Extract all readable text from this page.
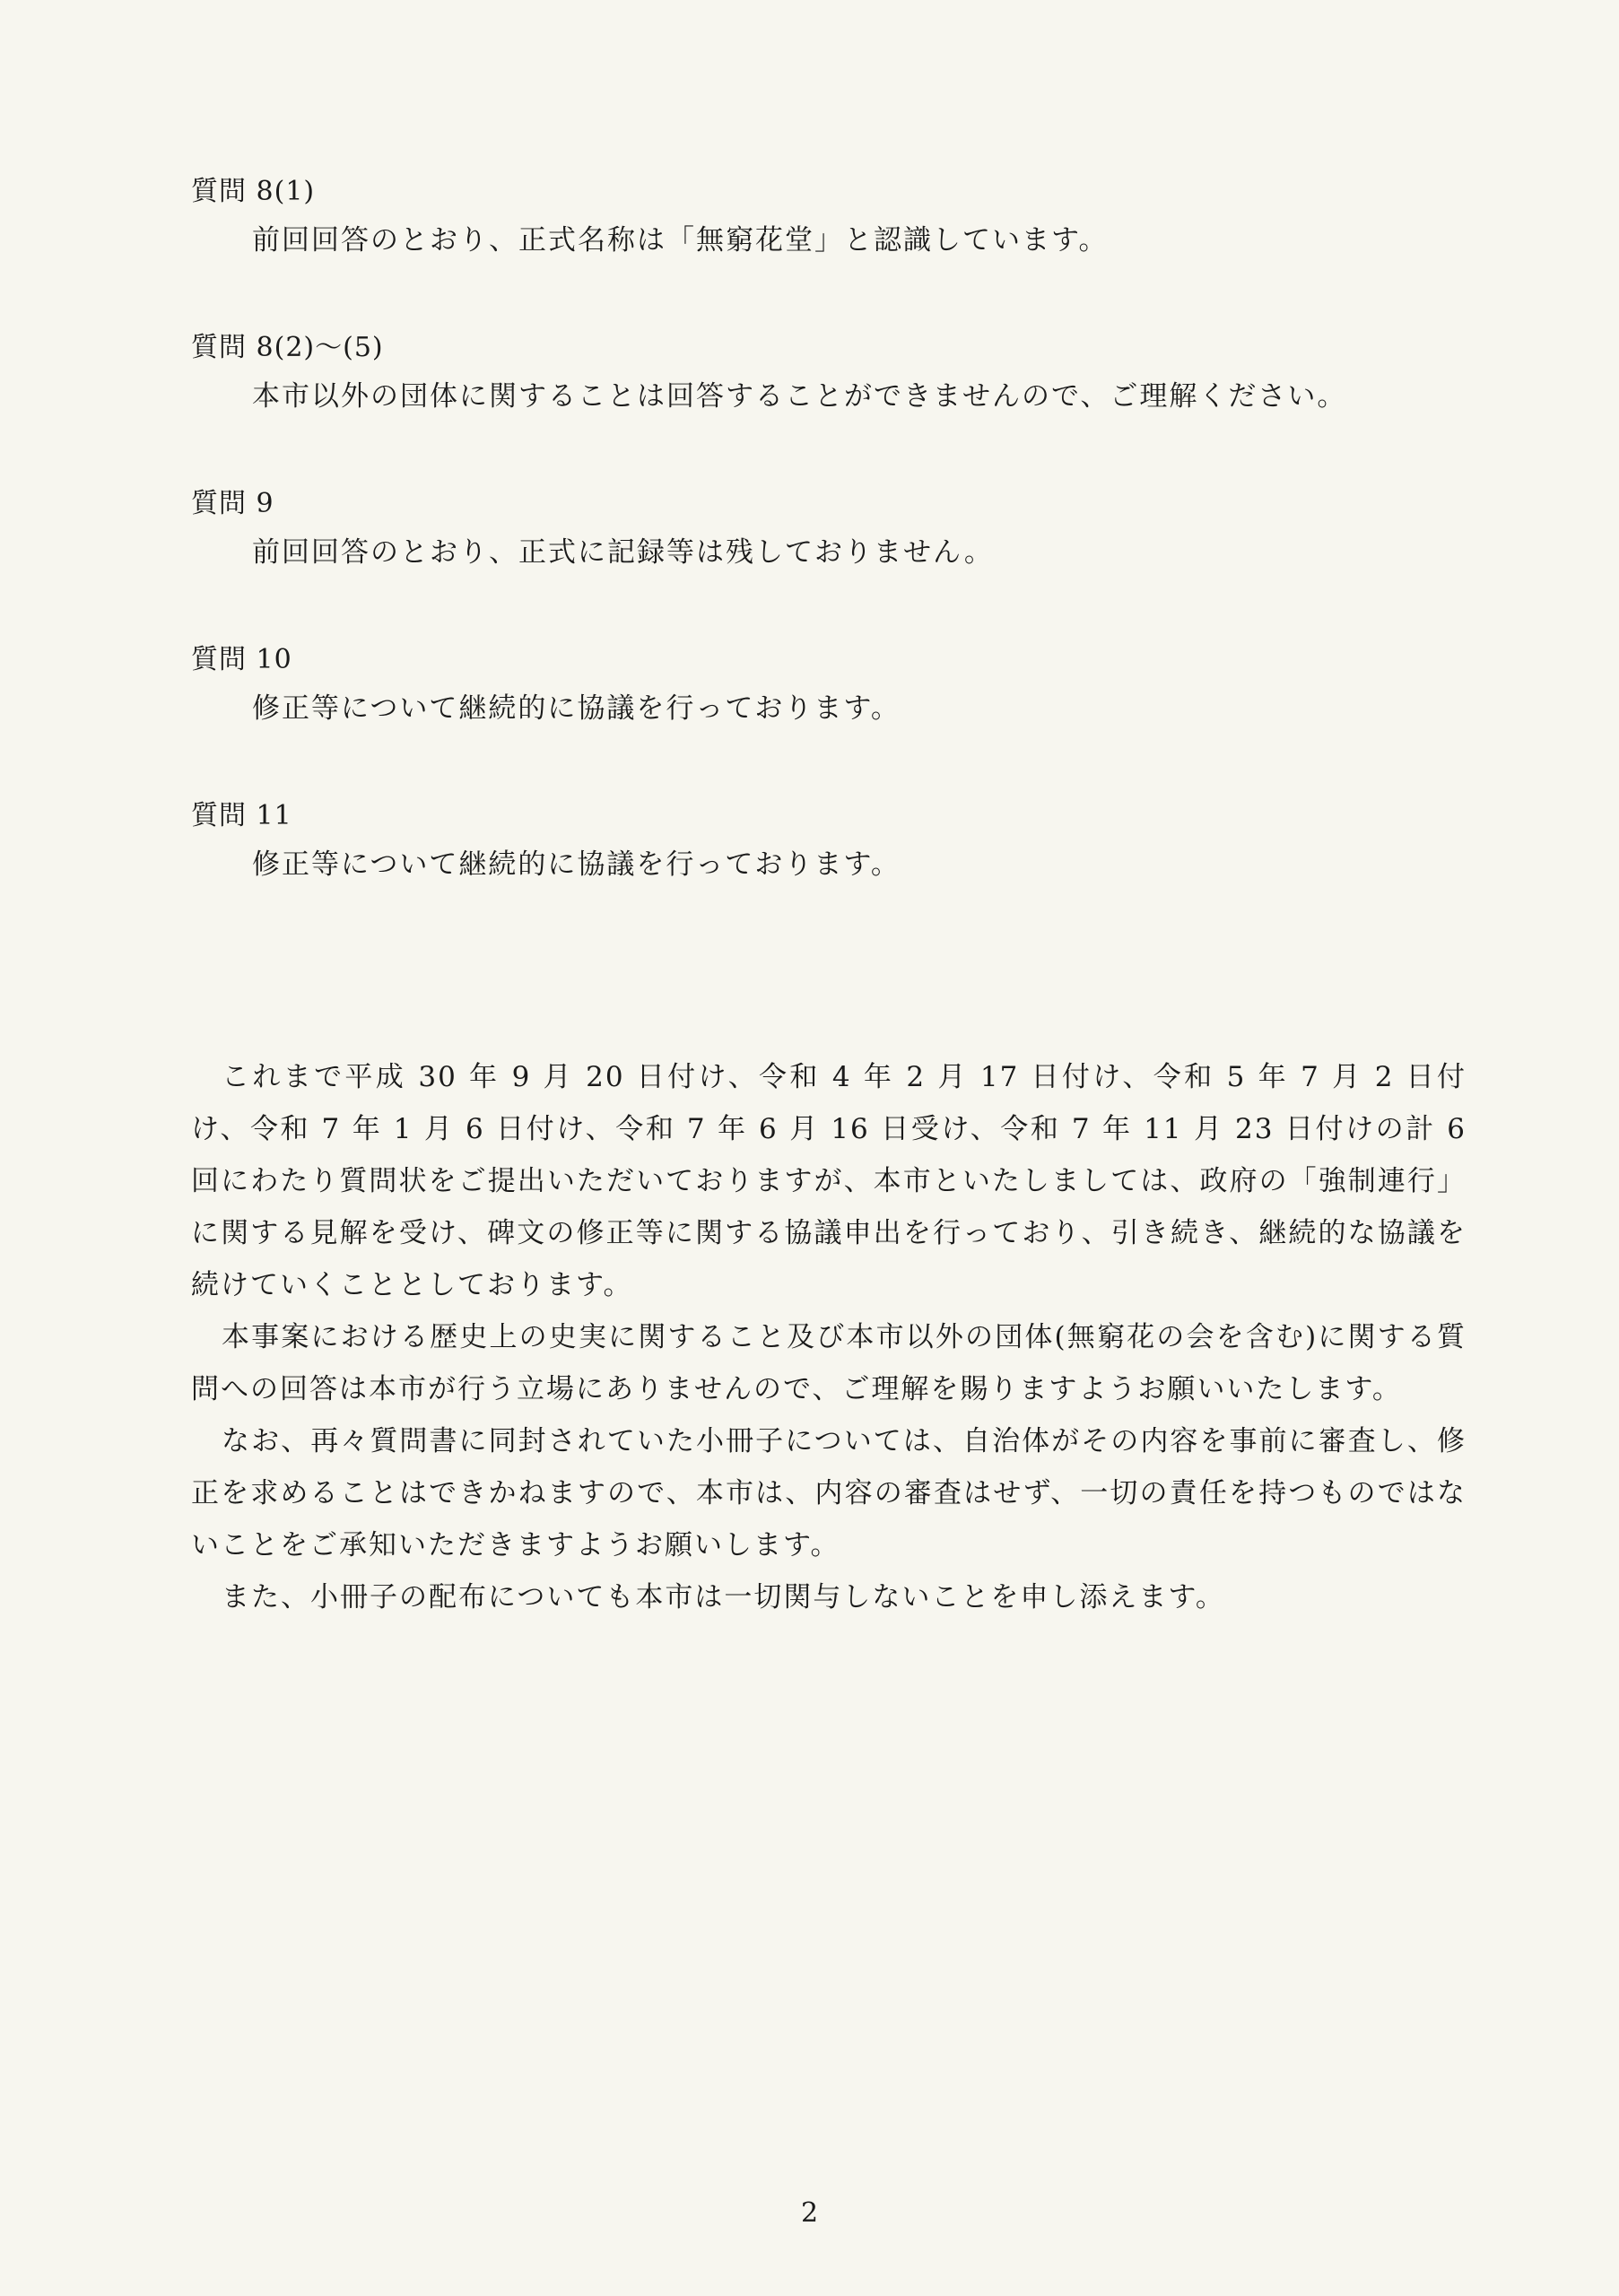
質問 8(1)
前回回答のとおり、正式名称は「無窮花堂」と認識しています。
質問 8(2)～(5)
本市以外の団体に関することは回答することができませんので、ご理解ください。
質問 9
前回回答のとおり、正式に記録等は残しておりません。
質問 10
修正等について継続的に協議を行っております。
質問 11
修正等について継続的に協議を行っております。

これまで平成 30 年 9 月 20 日付け、令和 4 年 2 月 17 日付け、令和 5 年 7 月 2 日付け、令和 7 年 1 月 6 日付け、令和 7 年 6 月 16 日受け、令和 7 年 11 月 23 日付けの計 6 回にわたり質問状をご提出いただいておりますが、本市といたしましては、政府の「強制連行」に関する見解を受け、碑文の修正等に関する協議申出を行っており、引き続き、継続的な協議を続けていくこととしております。

本事案における歴史上の史実に関すること及び本市以外の団体(無窮花の会を含む)に関する質問への回答は本市が行う立場にありませんので、ご理解を賜りますようお願いいたします。

なお、再々質問書に同封されていた小冊子については、自治体がその内容を事前に審査し、修正を求めることはできかねますので、本市は、内容の審査はせず、一切の責任を持つものではないことをご承知いただきますようお願いします。

また、小冊子の配布についても本市は一切関与しないことを申し添えます。

2
